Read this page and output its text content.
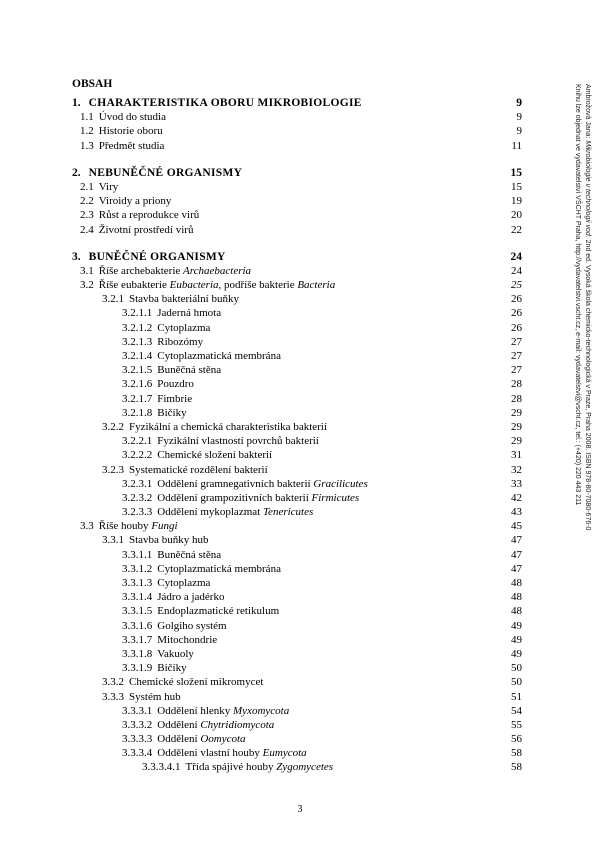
OBSAH
1. CHARAKTERISTIKA OBORU MIKROBIOLOGIE	9
1.1 Úvod do studia	9
1.2 Historie oboru	9
1.3 Předmět studia	11
2. NEBUNĚČNÉ ORGANISMY	15
2.1 Viry	15
2.2 Viroidy a priony	19
2.3 Růst a reprodukce virů	20
2.4 Životní prostředí virů	22
3. BUNĚČNÉ ORGANISMY	24
3.1 Říše archebakterie Archaebacteria	24
3.2 Říše eubakterie Eubacteria, podříše bakterie Bacteria	25
3.2.1 Stavba bakteriální buňky	26
3.2.1.1 Jaderná hmota	26
3.2.1.2 Cytoplazma	26
3.2.1.3 Ribozómy	27
3.2.1.4 Cytoplazmatická membrána	27
3.2.1.5 Buněčná stěna	27
3.2.1.6 Pouzdro	28
3.2.1.7 Fimbrie	28
3.2.1.8 Bičíky	29
3.2.2 Fyzikální a chemická charakteristika bakterií	29
3.2.2.1 Fyzikální vlastnosti povrchů bakterií	29
3.2.2.2 Chemické složení bakterií	31
3.2.3 Systematické rozdělení bakterií	32
3.2.3.1 Oddělení gramnegativních bakterií Gracilicutes	33
3.2.3.2 Oddělení grampozitivních bakterií Firmicutes	42
3.2.3.3 Oddělení mykoplazmat Tenericutes	43
3.3 Říše houby Fungi	45
3.3.1 Stavba buňky hub	47
3.3.1.1 Buněčná stěna	47
3.3.1.2 Cytoplazmatická membrána	47
3.3.1.3 Cytoplazma	48
3.3.1.4 Jádro a jadérko	48
3.3.1.5 Endoplazmatické retikulum	48
3.3.1.6 Golgiho systém	49
3.3.1.7 Mitochondrie	49
3.3.1.8 Vakuoly	49
3.3.1.9 Bičíky	50
3.3.2 Chemické složení mikromycet	50
3.3.3 Systém hub	51
3.3.3.1 Oddělení hlenky Myxomycota	54
3.3.3.2 Oddělení Chytridiomycota	55
3.3.3.3 Oddělení Oomycota	56
3.3.3.4 Oddělení vlastní houby Eumycota	58
3.3.3.4.1 Třída spájivé houby Zygomycetes	58
Ambrožová Jana: Mikrobiologie v technologii vod. 2nd ed. Vysoká škola chemicko-technologická v Praze, Praha 2008. ISBN 978-80-7080-676-0
Knihu lze objednat ve vydavatelství VŠCHT Praha, http://vydavatelstvi.vscht.cz, e-mail: vydavatelstvi@vscht.cz, tel.: (+420) 220 443 211
3
